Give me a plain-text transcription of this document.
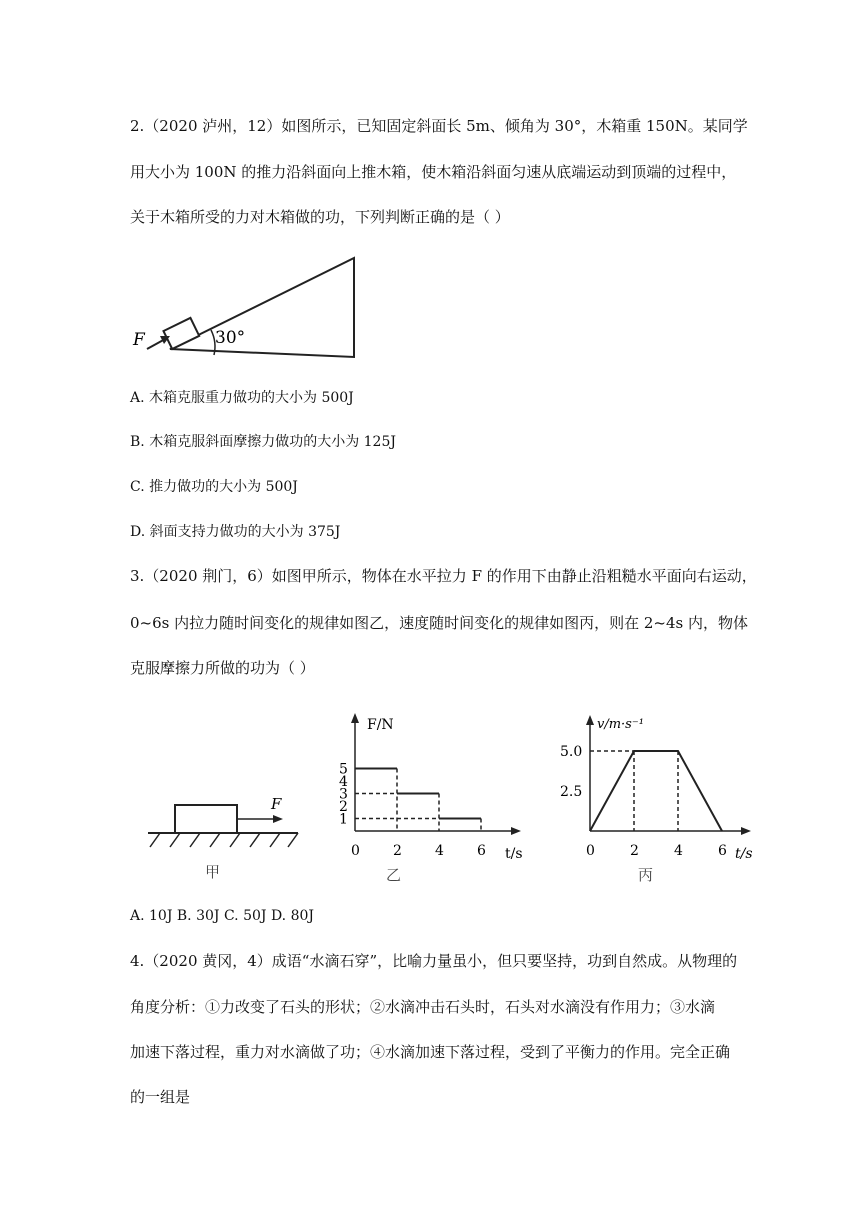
2.（2020 泸州，12）如图所示，已知固定斜面长 5m、倾角为 30°，木箱重 150N。某同学
用大小为 100N 的推力沿斜面向上推木箱，使木箱沿斜面匀速从底端运动到顶端的过程中，
关于木箱所受的力对木箱做的功，下列判断正确的是（ ）
F	30°
A. 木箱克服重力做功的大小为 500J
B. 木箱克服斜面摩擦力做功的大小为 125J
C. 推力做功的大小为 500J
D. 斜面支持力做功的大小为 375J
3.（2020 荆门，6）如图甲所示，物体在水平拉力 F 的作用下由静止沿粗糙水平面向右运动，
0~6s 内拉力随时间变化的规律如图乙，速度随时间变化的规律如图丙，则在 2~4s 内，物体
克服摩擦力所做的功为（ ）
F
甲
1
2
3
4
5
0 2 4 6
F/N
t/s
乙
2.5
5.0
0	2	4	6
v/m·s⁻¹
t/s
丙
A. 10J B. 30J C. 50J D. 80J
4.（2020 黄冈，4）成语“水滴石穿”，比喻力量虽小，但只要坚持，功到自然成。从物理的
角度分析：①力改变了石头的形状；②水滴冲击石头时，石头对水滴没有作用力；③水滴
加速下落过程，重力对水滴做了功；④水滴加速下落过程，受到了平衡力的作用。完全正确
的一组是
